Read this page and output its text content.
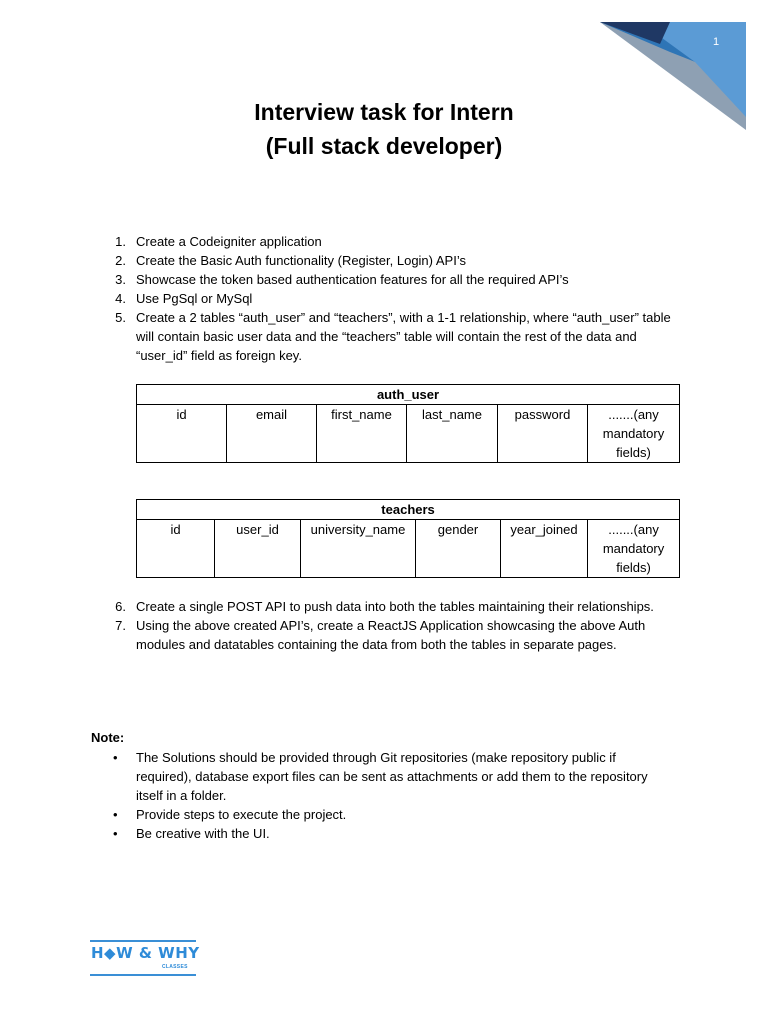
1
Interview task for Intern
(Full stack developer)
1. Create a Codeigniter application
2. Create the Basic Auth functionality (Register, Login) API’s
3. Showcase the token based authentication features for all the required API’s
4. Use PgSql or MySql
5. Create a 2 tables “auth_user” and “teachers”, with a 1-1 relationship, where “auth_user” table will contain basic user data and the “teachers” table will contain the rest of the data and “user_id” field as foreign key.
auth_user
id	email	first_name	last_name	password	.......(any mandatory fields)
teachers
id	user_id	university_name	gender	year_joined	.......(any mandatory fields)
6. Create a single POST API to push data into both the tables maintaining their relationships.
7. Using the above created API’s, create a ReactJS Application showcasing the above Auth modules and datatables containing the data from both the tables in separate pages.
Note:
• The Solutions should be provided through Git repositories (make repository public if required), database export files can be sent as attachments or add them to the repository itself in a folder.
• Provide steps to execute the project.
• Be creative with the UI.
H◆W & WHY
CLASSES
